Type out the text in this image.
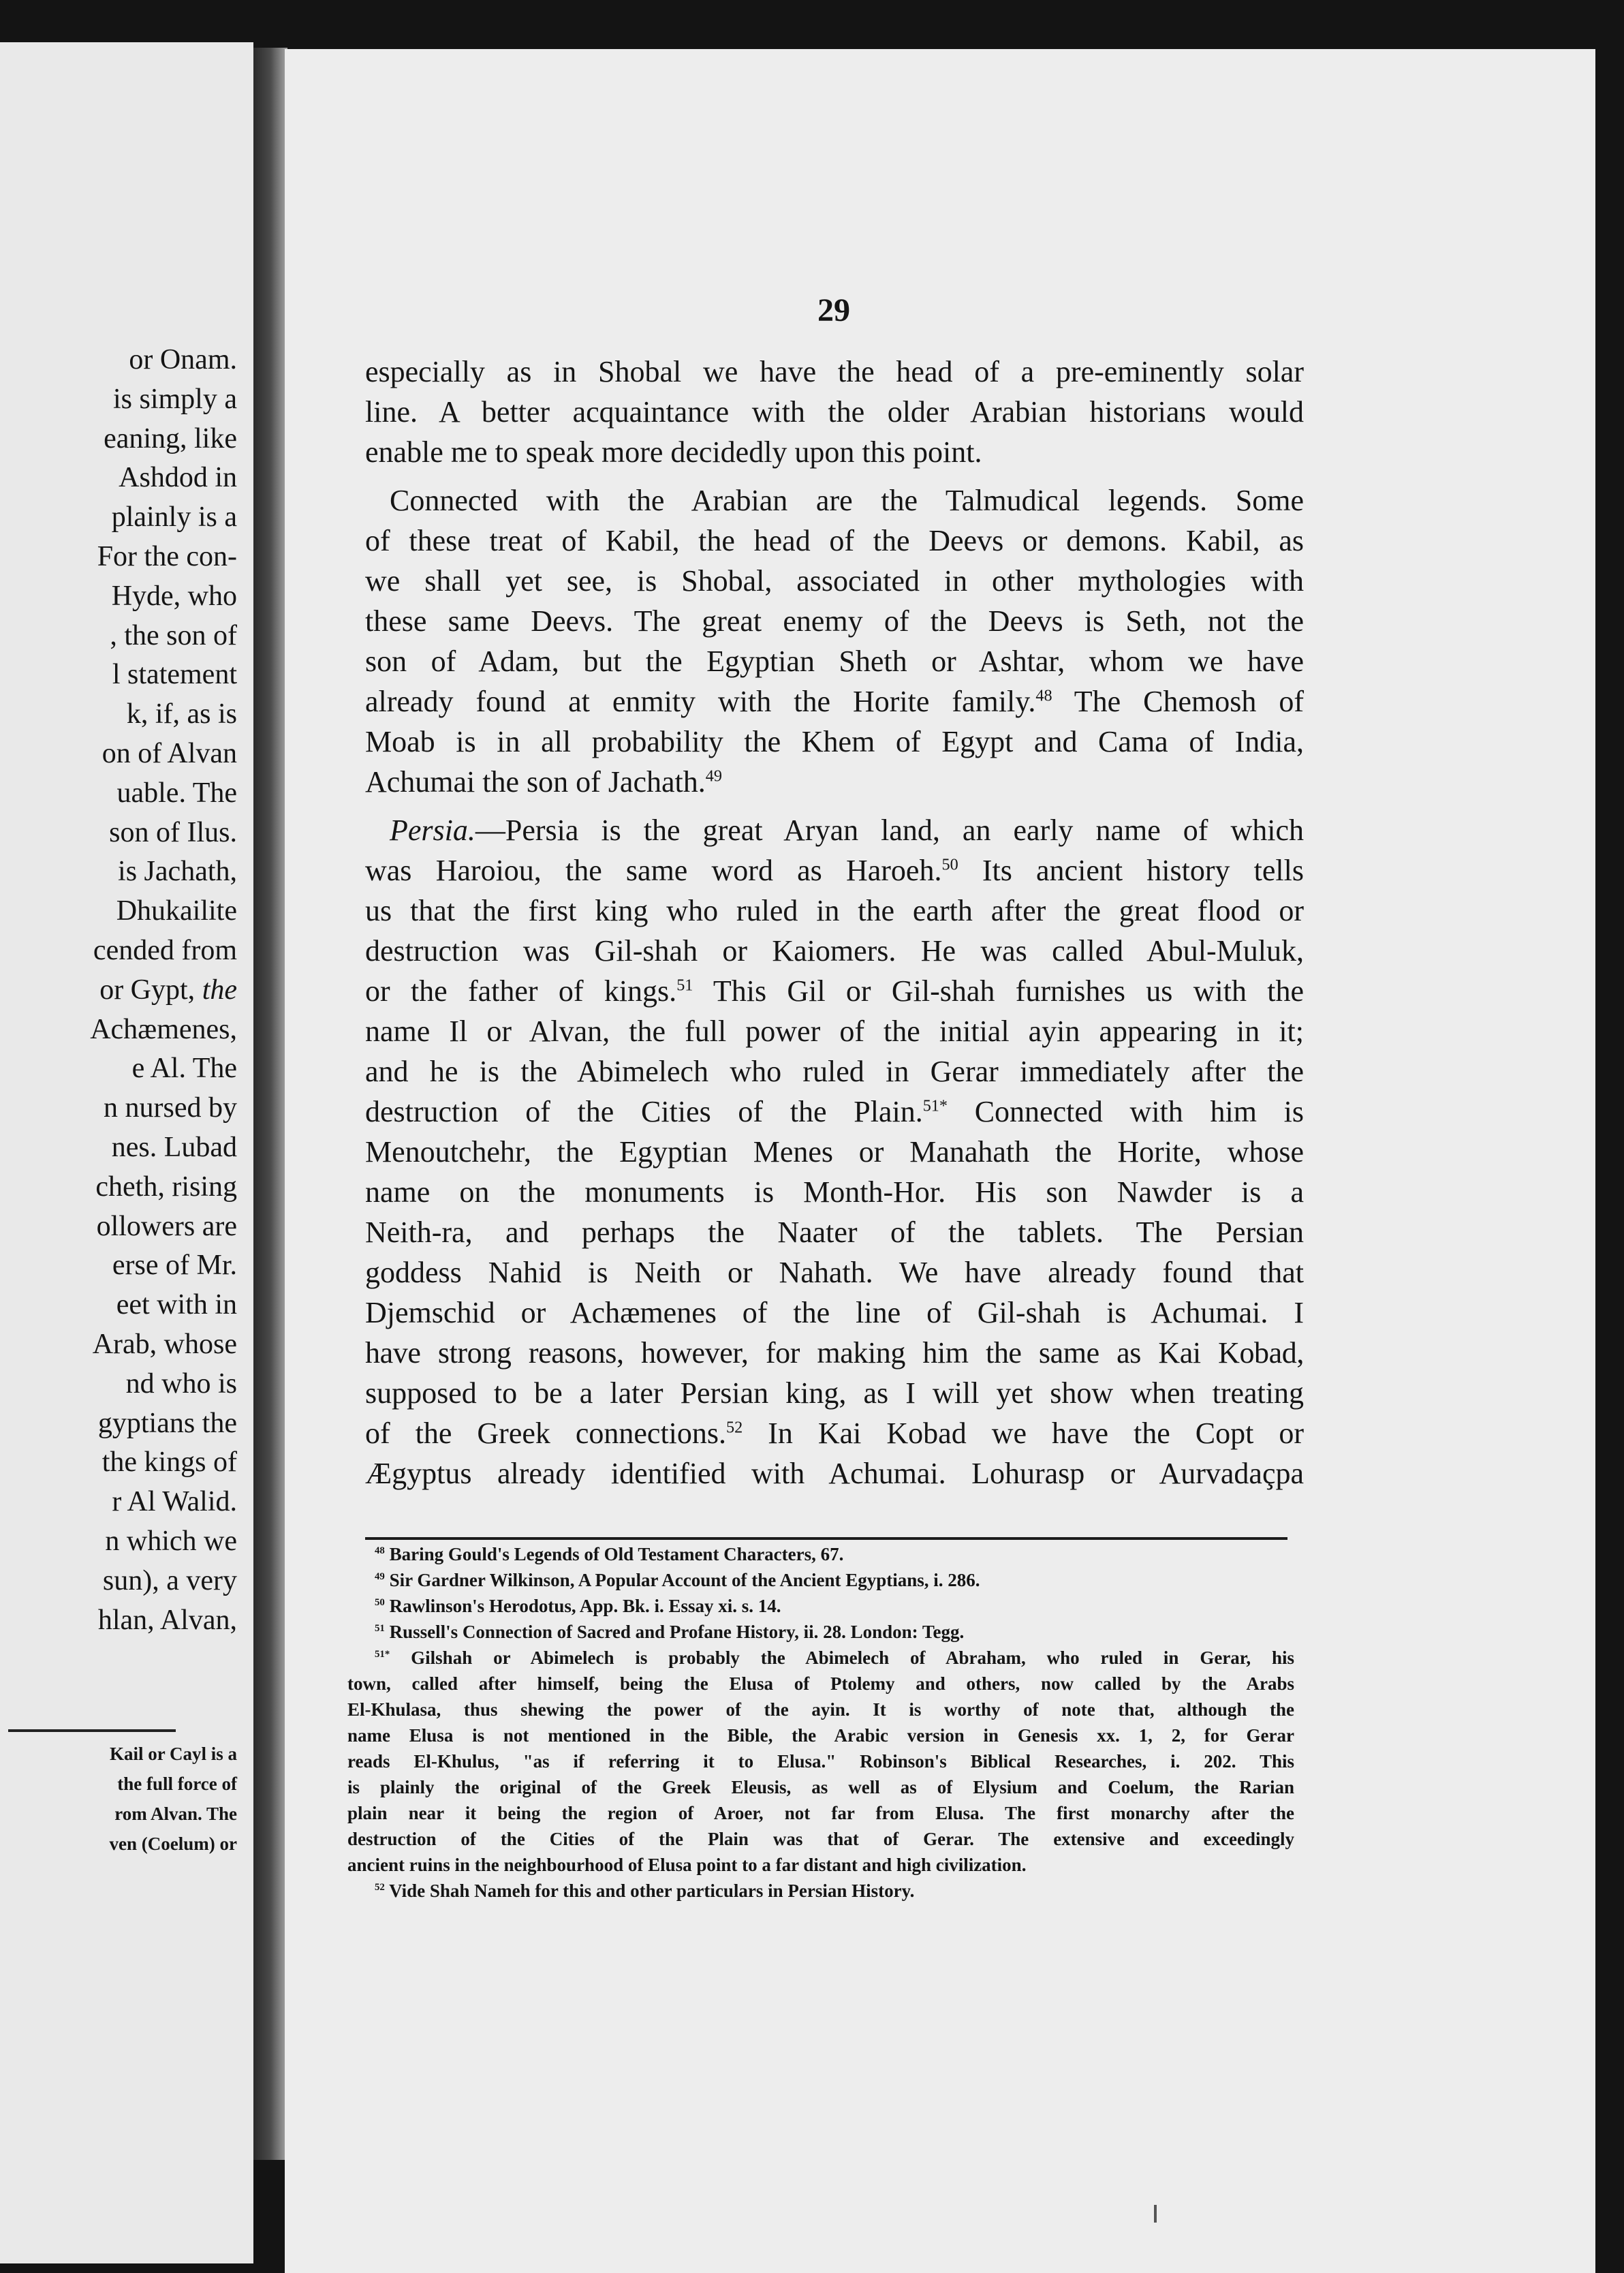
or Onam.
is simply a
eaning, like
Ashdod in
plainly is a
For the con-
Hyde, who
, the son of
l statement
k, if, as is
on of Alvan
uable. The
son of Ilus.
is Jachath,
Dhukailite
cended from
or Gypt, the
Achæmenes,
e Al. The
n nursed by
nes. Lubad
cheth, rising
ollowers are
erse of Mr.
eet with in
Arab, whose
nd who is
gyptians the
the kings of
r Al Walid.
n which we
sun), a very
hlan, Alvan,
Kail or Cayl is a
the full force of
rom Alvan. The
ven (Coelum) or
29
especially as in Shobal we have the head of a pre-eminently solar
line. A better acquaintance with the older Arabian historians would
enable me to speak more decidedly upon this point.
Connected with the Arabian are the Talmudical legends. Some
of these treat of Kabil, the head of the Deevs or demons. Kabil, as
we shall yet see, is Shobal, associated in other mythologies with
these same Deevs. The great enemy of the Deevs is Seth, not the
son of Adam, but the Egyptian Sheth or Ashtar, whom we have
already found at enmity with the Horite family.$^{48}$ The Chemosh of
Moab is in all probability the Khem of Egypt and Cama of India,
Achumai the son of Jachath.$^{49}$
Persia.—Persia is the great Aryan land, an early name of which
was Haroiou, the same word as Haroeh.$^{50}$ Its ancient history tells
us that the first king who ruled in the earth after the great flood or
destruction was Gil-shah or Kaiomers. He was called Abul-Muluk,
or the father of kings.$^{51}$ This Gil or Gil-shah furnishes us with the
name Il or Alvan, the full power of the initial ayin appearing in it;
and he is the Abimelech who ruled in Gerar immediately after the
destruction of the Cities of the Plain.$^{51*}$ Connected with him is
Menoutchehr, the Egyptian Menes or Manahath the Horite, whose
name on the monuments is Month-Hor. His son Nawder is a
Neith-ra, and perhaps the Naater of the tablets. The Persian
goddess Nahid is Neith or Nahath. We have already found that
Djemschid or Achæmenes of the line of Gil-shah is Achumai. I
have strong reasons, however, for making him the same as Kai Kobad,
supposed to be a later Persian king, as I will yet show when treating
of the Greek connections.$^{52}$ In Kai Kobad we have the Copt or
Ægyptus already identified with Achumai. Lohurasp or Aurvadaçpa
$^{48}$ Baring Gould's Legends of Old Testament Characters, 67.
$^{49}$ Sir Gardner Wilkinson, A Popular Account of the Ancient Egyptians, i. 286.
$^{50}$ Rawlinson's Herodotus, App. Bk. i. Essay xi. s. 14.
$^{51}$ Russell's Connection of Sacred and Profane History, ii. 28. London: Tegg.
$^{51*}$ Gilshah or Abimelech is probably the Abimelech of Abraham, who ruled in Gerar, his
town, called after himself, being the Elusa of Ptolemy and others, now called by the Arabs
El-Khulasa, thus shewing the power of the ayin. It is worthy of note that, although the
name Elusa is not mentioned in the Bible, the Arabic version in Genesis xx. 1, 2, for Gerar
reads El-Khulus, "as if referring it to Elusa." Robinson's Biblical Researches, i. 202. This
is plainly the original of the Greek Eleusis, as well as of Elysium and Coelum, the Rarian
plain near it being the region of Aroer, not far from Elusa. The first monarchy after the
destruction of the Cities of the Plain was that of Gerar. The extensive and exceedingly
ancient ruins in the neighbourhood of Elusa point to a far distant and high civilization.
$^{52}$ Vide Shah Nameh for this and other particulars in Persian History.
